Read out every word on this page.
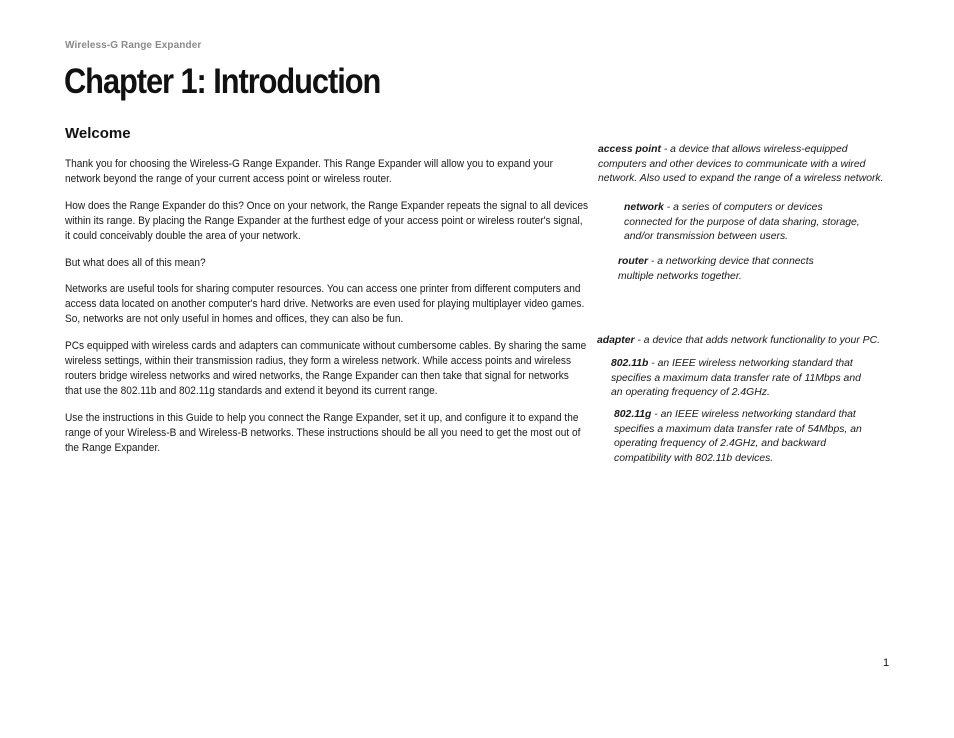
Wireless-G Range Expander
Chapter 1: Introduction
Welcome

Thank you for choosing the Wireless-G Range Expander. This Range Expander will allow you to expand your network beyond the range of your current access point or wireless router.

How does the Range Expander do this? Once on your network, the Range Expander repeats the signal to all devices within its range. By placing the Range Expander at the furthest edge of your access point or wireless router's signal, it could conceivably double the area of your network.

But what does all of this mean?

Networks are useful tools for sharing computer resources. You can access one printer from different computers and access data located on another computer's hard drive. Networks are even used for playing multiplayer video games. So, networks are not only useful in homes and offices, they can also be fun.

PCs equipped with wireless cards and adapters can communicate without cumbersome cables. By sharing the same wireless settings, within their transmission radius, they form a wireless network. While access points and wireless routers bridge wireless networks and wired networks, the Range Expander can then take that signal for networks that use the 802.11b and 802.11g standards and extend it beyond its current range.

Use the instructions in this Guide to help you connect the Range Expander, set it up, and configure it to expand the range of your Wireless-B and Wireless-B networks. These instructions should be all you need to get the most out of the Range Expander.

access point - a device that allows wireless-equipped computers and other devices to communicate with a wired network. Also used to expand the range of a wireless network.

network - a series of computers or devices connected for the purpose of data sharing, storage, and/or transmission between users.

router - a networking device that connects multiple networks together.

adapter - a device that adds network functionality to your PC.

802.11b - an IEEE wireless networking standard that specifies a maximum data transfer rate of 11Mbps and an operating frequency of 2.4GHz.

802.11g - an IEEE wireless networking standard that specifies a maximum data transfer rate of 54Mbps, an operating frequency of 2.4GHz, and backward compatibility with 802.11b devices.

1
